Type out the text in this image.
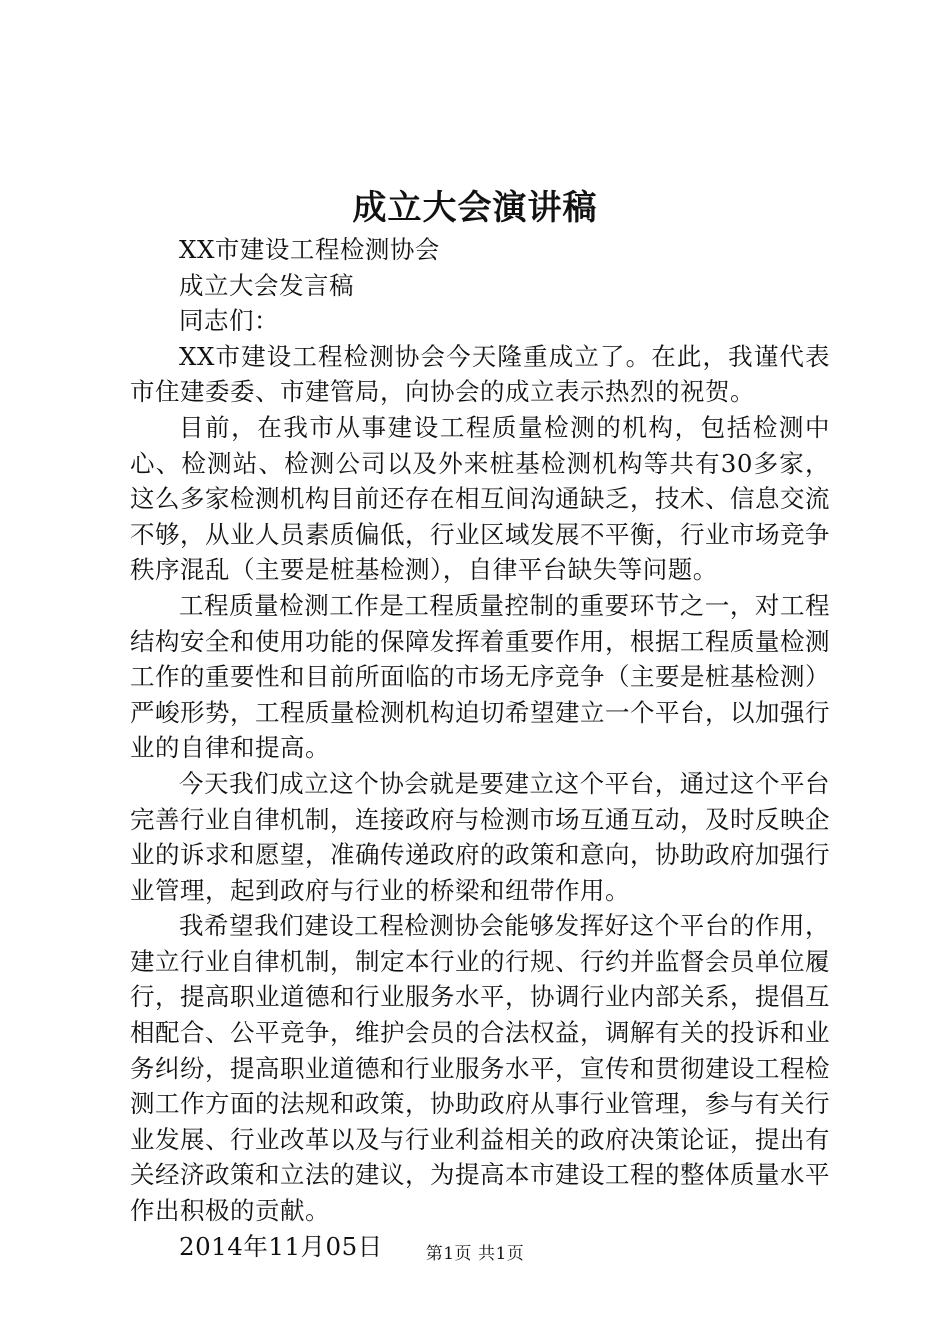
成立大会演讲稿

XX市建设工程检测协会

成立大会发言稿

同志们：

XX市建设工程检测协会今天隆重成立了。在此，我谨代表市住建委委、市建管局，向协会的成立表示热烈的祝贺。

目前，在我市从事建设工程质量检测的机构，包括检测中心、检测站、检测公司以及外来桩基检测机构等共有30多家，这么多家检测机构目前还存在相互间沟通缺乏，技术、信息交流不够，从业人员素质偏低，行业区域发展不平衡，行业市场竞争秩序混乱（主要是桩基检测），自律平台缺失等问题。

工程质量检测工作是工程质量控制的重要环节之一，对工程结构安全和使用功能的保障发挥着重要作用，根据工程质量检测工作的重要性和目前所面临的市场无序竞争（主要是桩基检测）严峻形势，工程质量检测机构迫切希望建立一个平台，以加强行业的自律和提高。

今天我们成立这个协会就是要建立这个平台，通过这个平台完善行业自律机制，连接政府与检测市场互通互动，及时反映企业的诉求和愿望，准确传递政府的政策和意向，协助政府加强行业管理，起到政府与行业的桥梁和纽带作用。

我希望我们建设工程检测协会能够发挥好这个平台的作用，建立行业自律机制，制定本行业的行规、行约并监督会员单位履行，提高职业道德和行业服务水平，协调行业内部关系，提倡互相配合、公平竞争，维护会员的合法权益，调解有关的投诉和业务纠纷，提高职业道德和行业服务水平，宣传和贯彻建设工程检测工作方面的法规和政策，协助政府从事行业管理，参与有关行业发展、行业改革以及与行业利益相关的政府决策论证，提出有关经济政策和立法的建议，为提高本市建设工程的整体质量水平作出积极的贡献。

2014年11月05日	第1页 共1页
